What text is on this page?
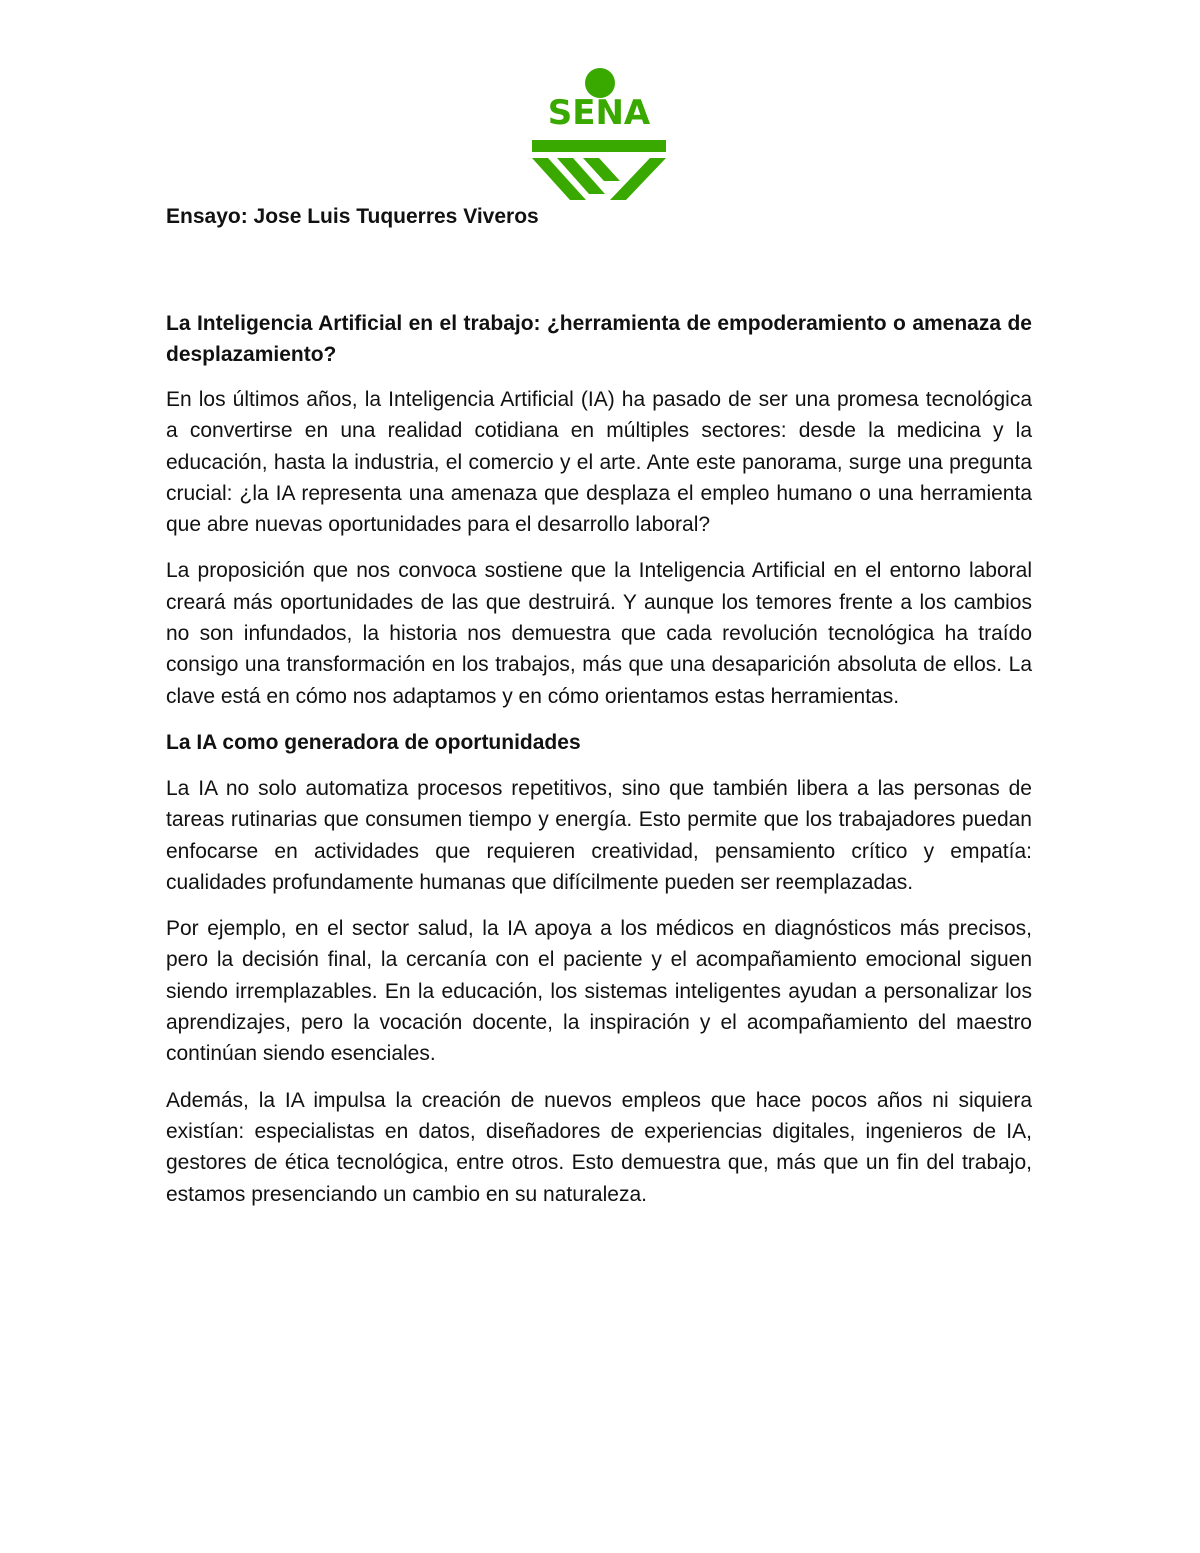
SENA

Ensayo: Jose Luis Tuquerres Viveros

La Inteligencia Artificial en el trabajo: ¿herramienta de empoderamiento o amenaza de desplazamiento?

En los últimos años, la Inteligencia Artificial (IA) ha pasado de ser una promesa tecnológica a convertirse en una realidad cotidiana en múltiples sectores: desde la medicina y la educación, hasta la industria, el comercio y el arte. Ante este panorama, surge una pregunta crucial: ¿la IA representa una amenaza que desplaza el empleo humano o una herramienta que abre nuevas oportunidades para el desarrollo laboral?

La proposición que nos convoca sostiene que la Inteligencia Artificial en el entorno laboral creará más oportunidades de las que destruirá. Y aunque los temores frente a los cambios no son infundados, la historia nos demuestra que cada revolución tecnológica ha traído consigo una transformación en los trabajos, más que una desaparición absoluta de ellos. La clave está en cómo nos adaptamos y en cómo orientamos estas herramientas.

La IA como generadora de oportunidades

La IA no solo automatiza procesos repetitivos, sino que también libera a las personas de tareas rutinarias que consumen tiempo y energía. Esto permite que los trabajadores puedan enfocarse en actividades que requieren creatividad, pensamiento crítico y empatía: cualidades profundamente humanas que difícilmente pueden ser reemplazadas.

Por ejemplo, en el sector salud, la IA apoya a los médicos en diagnósticos más precisos, pero la decisión final, la cercanía con el paciente y el acompañamiento emocional siguen siendo irremplazables. En la educación, los sistemas inteligentes ayudan a personalizar los aprendizajes, pero la vocación docente, la inspiración y el acompañamiento del maestro continúan siendo esenciales.

Además, la IA impulsa la creación de nuevos empleos que hace pocos años ni siquiera existían: especialistas en datos, diseñadores de experiencias digitales, ingenieros de IA, gestores de ética tecnológica, entre otros. Esto demuestra que, más que un fin del trabajo, estamos presenciando un cambio en su naturaleza.
